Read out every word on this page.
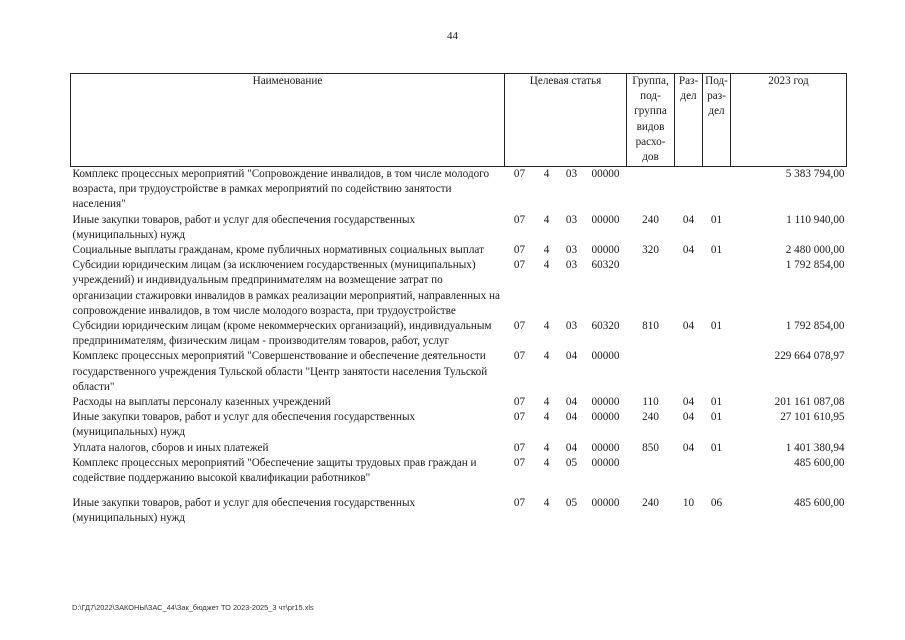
44
Наименование	Целевая статья				Группа, под-группа видов расхо-дов	Раз-дел	Под-раз-дел	2023 год
Комплекс процессных мероприятий "Сопровождение инвалидов, в том числе молодого возраста, при трудоустройстве в рамках мероприятий по содействию занятости населения"	07	4	03	00000				5 383 794,00
Иные закупки товаров, работ и услуг для обеспечения государственных (муниципальных) нужд	07	4	03	00000	240	04	01	1 110 940,00
Социальные выплаты гражданам, кроме публичных нормативных социальных выплат	07	4	03	00000	320	04	01	2 480 000,00
Субсидии юридическим лицам (за исключением государственных (муниципальных) учреждений) и индивидуальным предпринимателям на возмещение затрат по организации стажировки инвалидов в рамках реализации мероприятий, направленных на сопровождение инвалидов, в том числе молодого возраста, при трудоустройстве	07	4	03	60320				1 792 854,00
Субсидии юридическим лицам (кроме некоммерческих организаций), индивидуальным предпринимателям, физическим лицам - производителям товаров, работ, услуг	07	4	03	60320	810	04	01	1 792 854,00
Комплекс процессных мероприятий "Совершенствование и обеспечение деятельности государственного учреждения Тульской области "Центр занятости населения Тульской области"	07	4	04	00000				229 664 078,97
Расходы на выплаты персоналу казенных учреждений	07	4	04	00000	110	04	01	201 161 087,08
Иные закупки товаров, работ и услуг для обеспечения государственных (муниципальных) нужд	07	4	04	00000	240	04	01	27 101 610,95
Уплата налогов, сборов и иных платежей	07	4	04	00000	850	04	01	1 401 380,94
Комплекс процессных мероприятий "Обеспечение защиты трудовых прав граждан и содействие поддержанию высокой квалификации работников"	07	4	05	00000				485 600,00

Иные закупки товаров, работ и услуг для обеспечения государственных (муниципальных) нужд	07	4	05	00000	240	10	06	485 600,00
D:\ГД7\2022\ЗАКОНЫ\ЗАС_44\Зак_бюджет ТО 2023-2025_3 чт\pr15.xls
